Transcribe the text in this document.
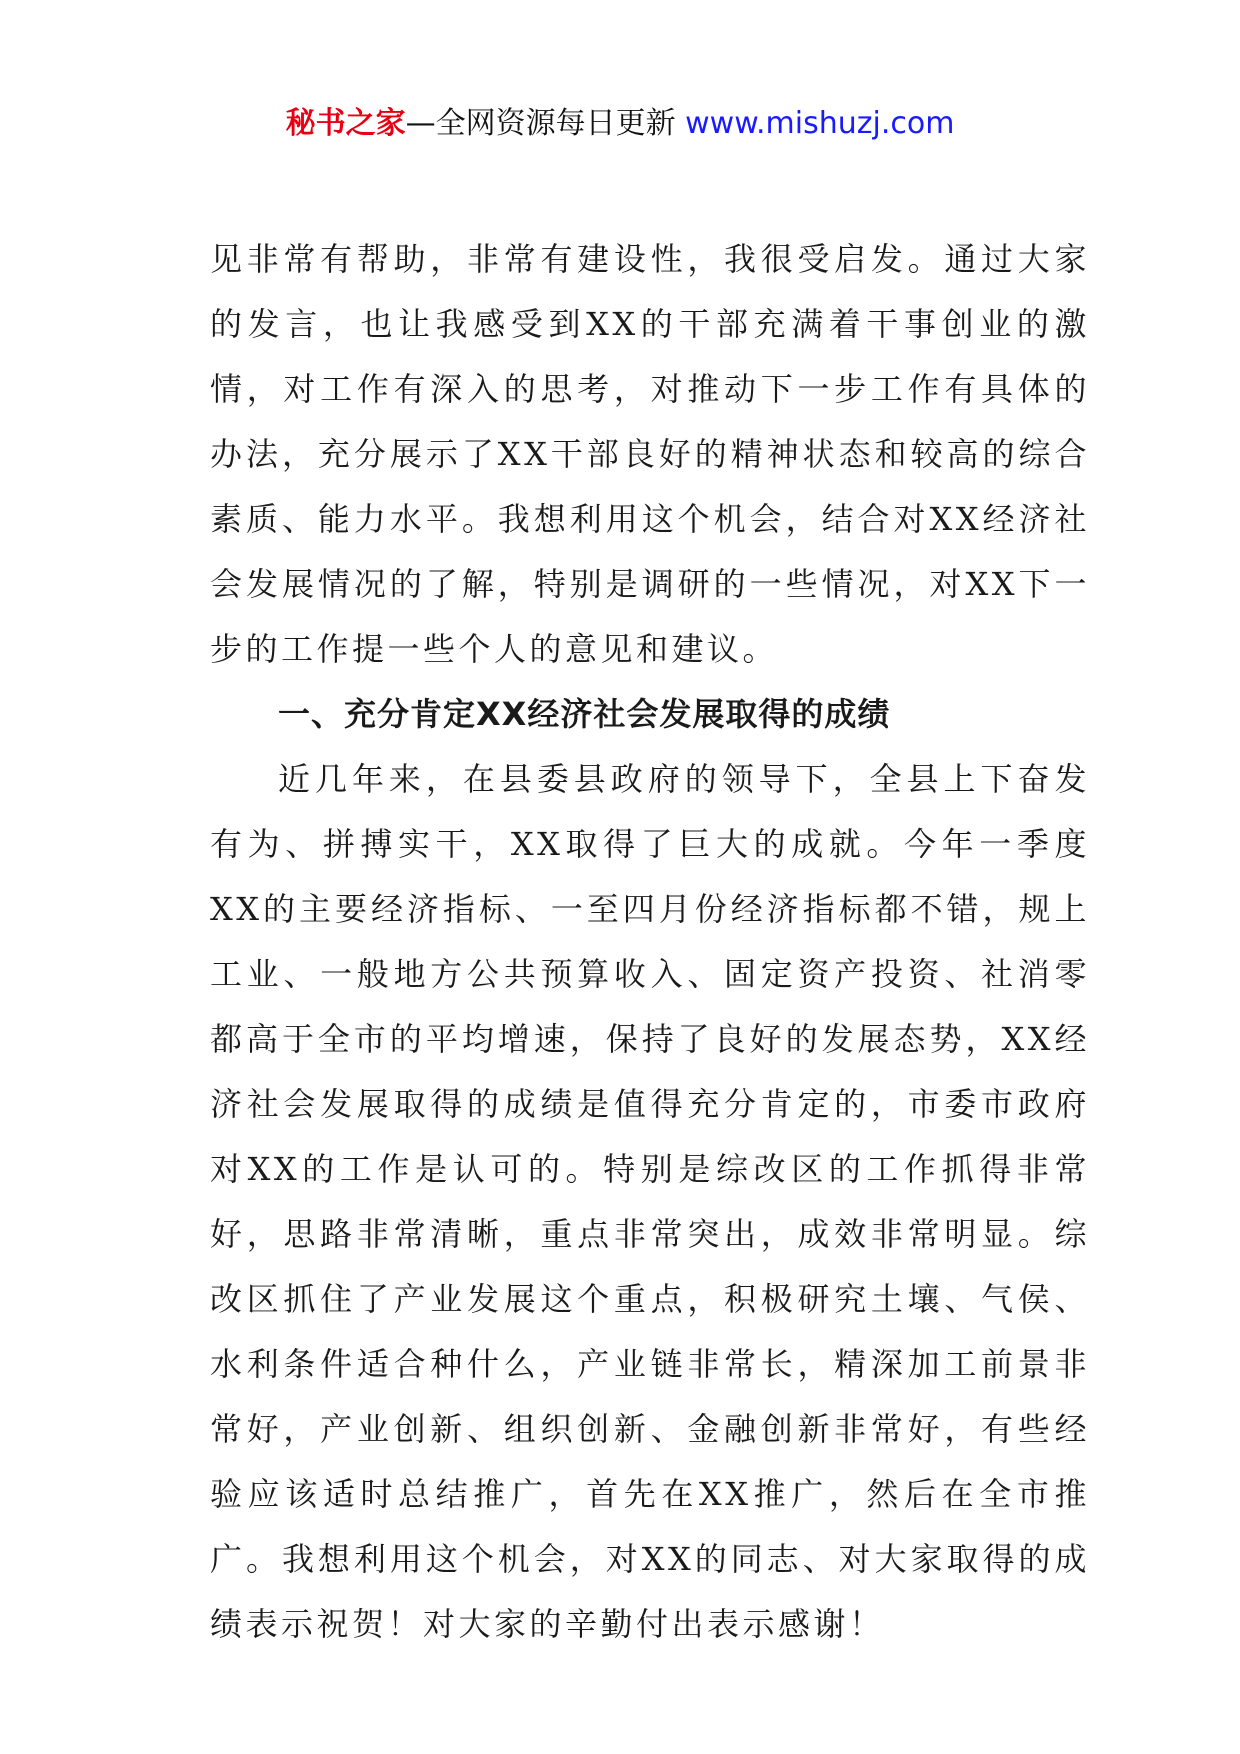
秘书之家—全网资源每日更新 www.mishuzj.com

见非常有帮助，非常有建设性，我很受启发。通过大家的发言，也让我感受到XX的干部充满着干事创业的激情，对工作有深入的思考，对推动下一步工作有具体的办法，充分展示了XX干部良好的精神状态和较高的综合素质、能力水平。我想利用这个机会，结合对XX经济社会发展情况的了解，特别是调研的一些情况，对XX下一步的工作提一些个人的意见和建议。

一、充分肯定XX经济社会发展取得的成绩

近几年来，在县委县政府的领导下，全县上下奋发有为、拼搏实干，XX取得了巨大的成就。今年一季度XX的主要经济指标、一至四月份经济指标都不错，规上工业、一般地方公共预算收入、固定资产投资、社消零都高于全市的平均增速，保持了良好的发展态势，XX经济社会发展取得的成绩是值得充分肯定的，市委市政府对XX的工作是认可的。特别是综改区的工作抓得非常好，思路非常清晰，重点非常突出，成效非常明显。综改区抓住了产业发展这个重点，积极研究土壤、气侯、水利条件适合种什么，产业链非常长，精深加工前景非常好，产业创新、组织创新、金融创新非常好，有些经验应该适时总结推广，首先在XX推广，然后在全市推广。我想利用这个机会，对XX的同志、对大家取得的成绩表示祝贺！对大家的辛勤付出表示感谢！
